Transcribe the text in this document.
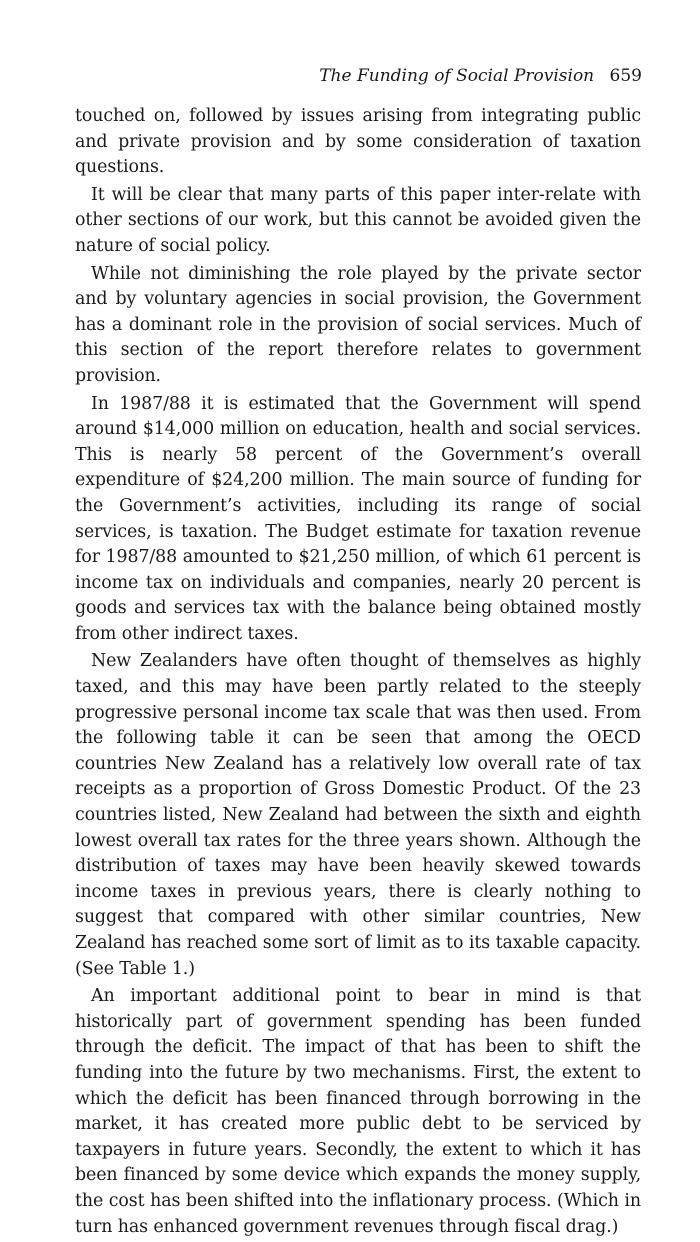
The Funding of Social Provision 659

touched on, followed by issues arising from integrating public and private provision and by some consideration of taxation questions.

It will be clear that many parts of this paper inter-relate with other sections of our work, but this cannot be avoided given the nature of social policy.

While not diminishing the role played by the private sector and by voluntary agencies in social provision, the Government has a dominant role in the provision of social services. Much of this section of the report therefore relates to government provision.

In 1987/88 it is estimated that the Government will spend around $14,000 million on education, health and social services. This is nearly 58 percent of the Government’s overall expenditure of $24,200 million. The main source of funding for the Government’s activities, including its range of social services, is taxation. The Budget estimate for taxation revenue for 1987/88 amounted to $21,250 million, of which 61 percent is income tax on individuals and companies, nearly 20 percent is goods and services tax with the balance being obtained mostly from other indirect taxes.

New Zealanders have often thought of themselves as highly taxed, and this may have been partly related to the steeply progressive personal income tax scale that was then used. From the following table it can be seen that among the OECD countries New Zealand has a relatively low overall rate of tax receipts as a proportion of Gross Domestic Product. Of the 23 countries listed, New Zealand had between the sixth and eighth lowest overall tax rates for the three years shown. Although the distribution of taxes may have been heavily skewed towards income taxes in previous years, there is clearly nothing to suggest that compared with other similar countries, New Zealand has reached some sort of limit as to its taxable capacity. (See Table 1.)

An important additional point to bear in mind is that historically part of government spending has been funded through the deficit. The impact of that has been to shift the funding into the future by two mechanisms. First, the extent to which the deficit has been financed through borrowing in the market, it has created more public debt to be serviced by taxpayers in future years. Secondly, the extent to which it has been financed by some device which expands the money supply, the cost has been shifted into the inflationary process. (Which in turn has enhanced government revenues through fiscal drag.)
